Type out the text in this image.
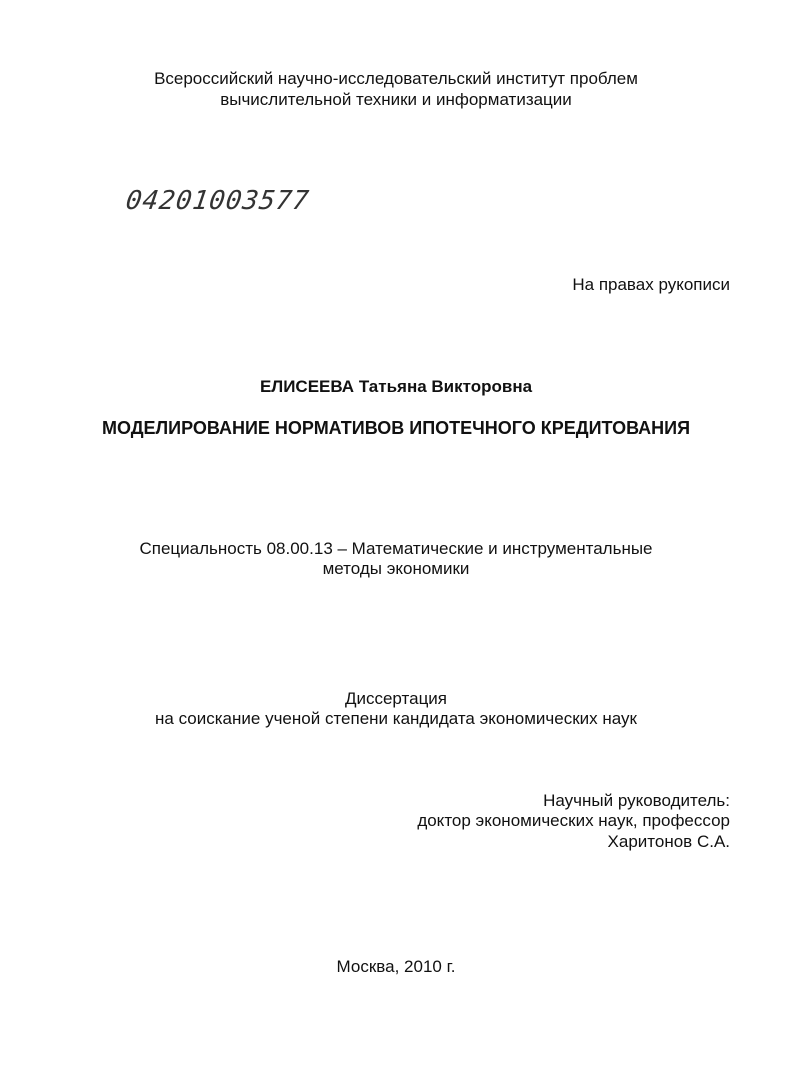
Всероссийский научно-исследовательский институт проблем
вычислительной техники и информатизации
04201003577
На правах рукописи
ЕЛИСЕЕВА Татьяна Викторовна
МОДЕЛИРОВАНИЕ НОРМАТИВОВ ИПОТЕЧНОГО КРЕДИТОВАНИЯ
Специальность 08.00.13 – Математические и инструментальные
методы экономики
Диссертация
на соискание ученой степени кандидата экономических наук
Научный руководитель:
доктор экономических наук, профессор
Харитонов С.А.
Москва, 2010 г.
